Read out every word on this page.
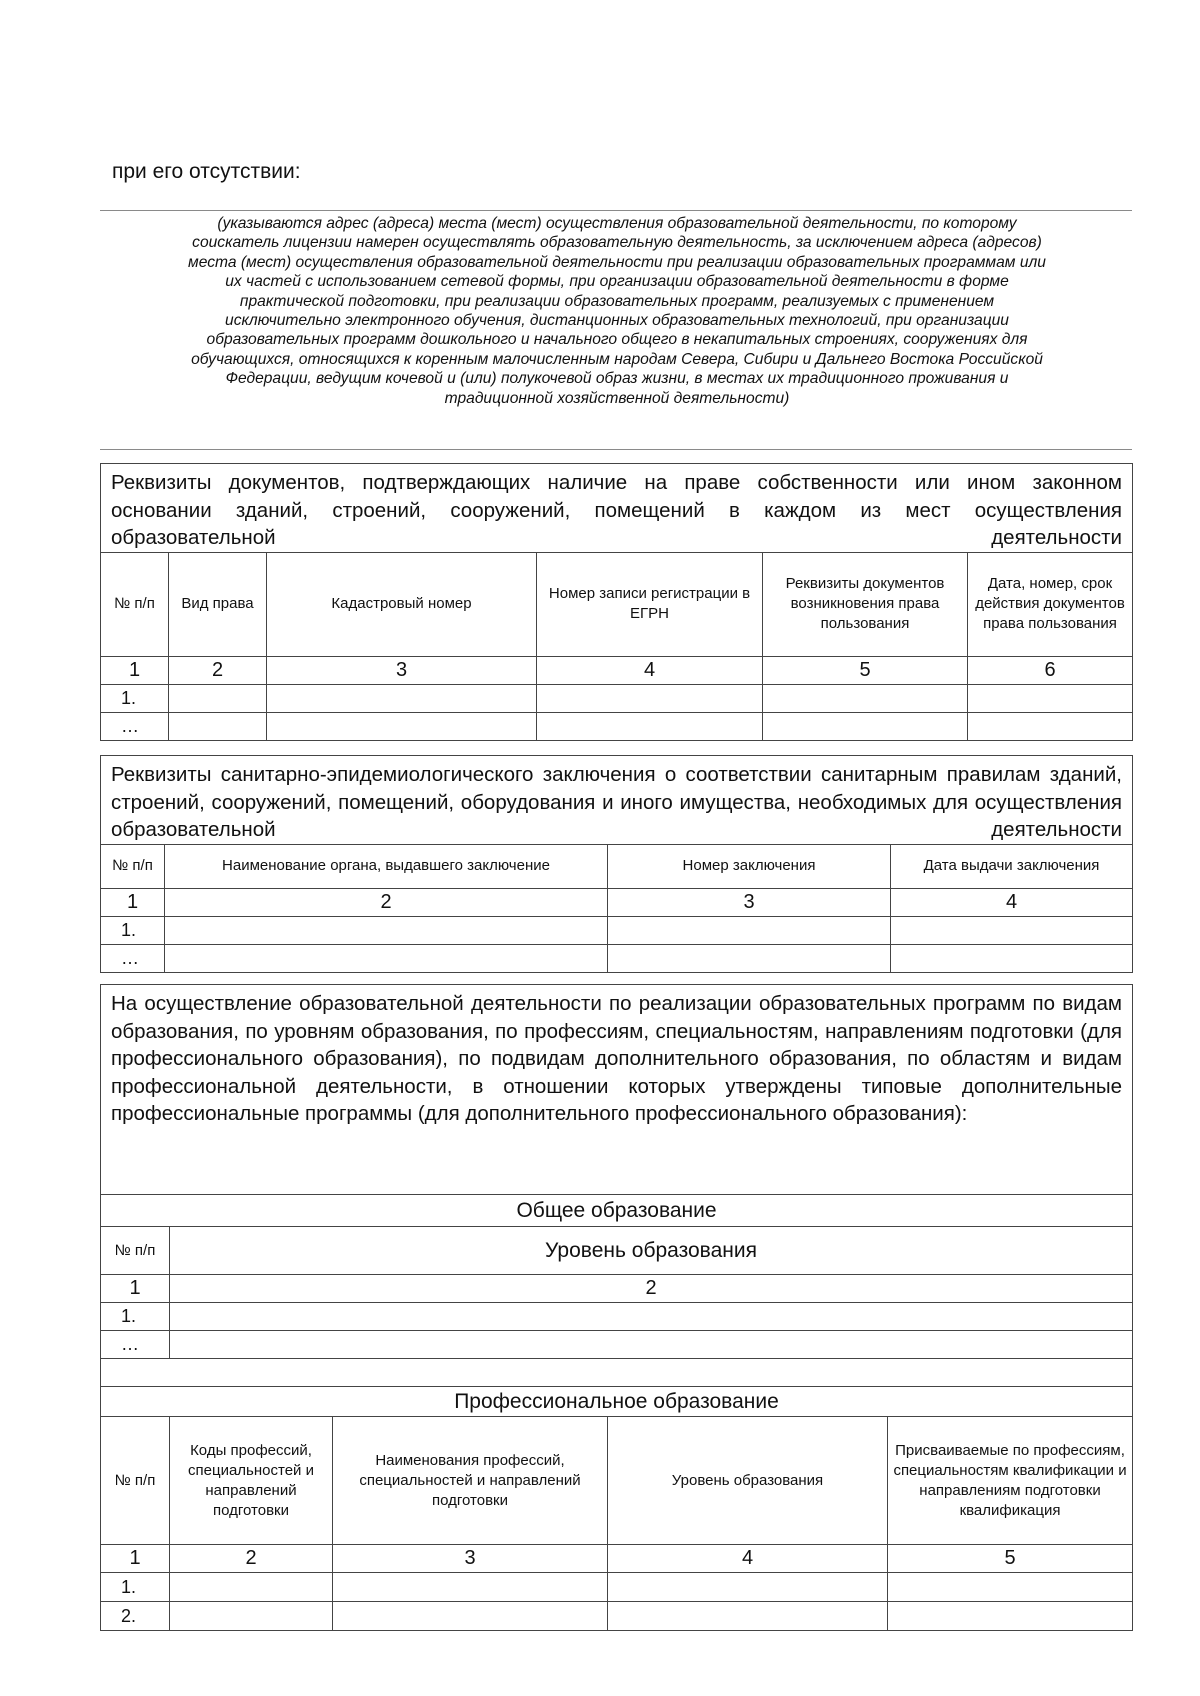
при его отсутствии:
(указываются адрес (адреса) места (мест) осуществления образовательной деятельности, по которому
соискатель лицензии намерен осуществлять образовательную деятельность, за исключением адреса (адресов)
места (мест) осуществления образовательной деятельности при реализации образовательных программам или
их частей с использованием сетевой формы, при организации образовательной деятельности в форме
практической подготовки, при реализации образовательных программ, реализуемых с применением
исключительно электронного обучения, дистанционных образовательных технологий, при организации
образовательных программ дошкольного и начального общего в некапитальных строениях, сооружениях для
обучающихся, относящихся к коренным малочисленным народам Севера, Сибири и Дальнего Востока Российской
Федерации, ведущим кочевой и (или) полукочевой образ жизни, в местах их традиционного проживания и
традиционной хозяйственной деятельности)
Реквизиты документов, подтверждающих наличие на праве собственности или ином законном основании зданий, строений, сооружений, помещений в каждом из мест осуществления образовательной деятельности					
№ п/п	Вид права	Кадастровый номер	Номер записи регистрации в ЕГРН	Реквизиты документов возникновения права пользования	Дата, номер, срок действия документов права пользования
1	2	3	4	5	6
1.					
…					
Реквизиты санитарно-эпидемиологического заключения о соответствии санитарным правилам зданий, строений, сооружений, помещений, оборудования и иного имущества, необходимых для осуществления образовательной деятельности			
№ п/п	Наименование органа, выдавшего заключение	Номер заключения	Дата выдачи заключения
1	2	3	4
1.			
…			
На осуществление образовательной деятельности по реализации образовательных программ по видам образования, по уровням образования, по профессиям, специальностям, направлениям подготовки (для профессионального образования), по подвидам дополнительного образования, по областям и видам профессиональной деятельности, в отношении которых утверждены типовые дополнительные профессиональные программы (для дополнительного профессионального образования):				
Общее образование				
№ п/п	Уровень образования			
1	2			
1.				
…				

Профессиональное образование				
№ п/п	Коды профессий, специальностей и направлений подготовки	Наименования профессий, специальностей и направлений подготовки	Уровень образования	Присваиваемые по профессиям, специальностям квалификации и направлениям подготовки квалификация
1	2	3	4	5
1.				
2.				
